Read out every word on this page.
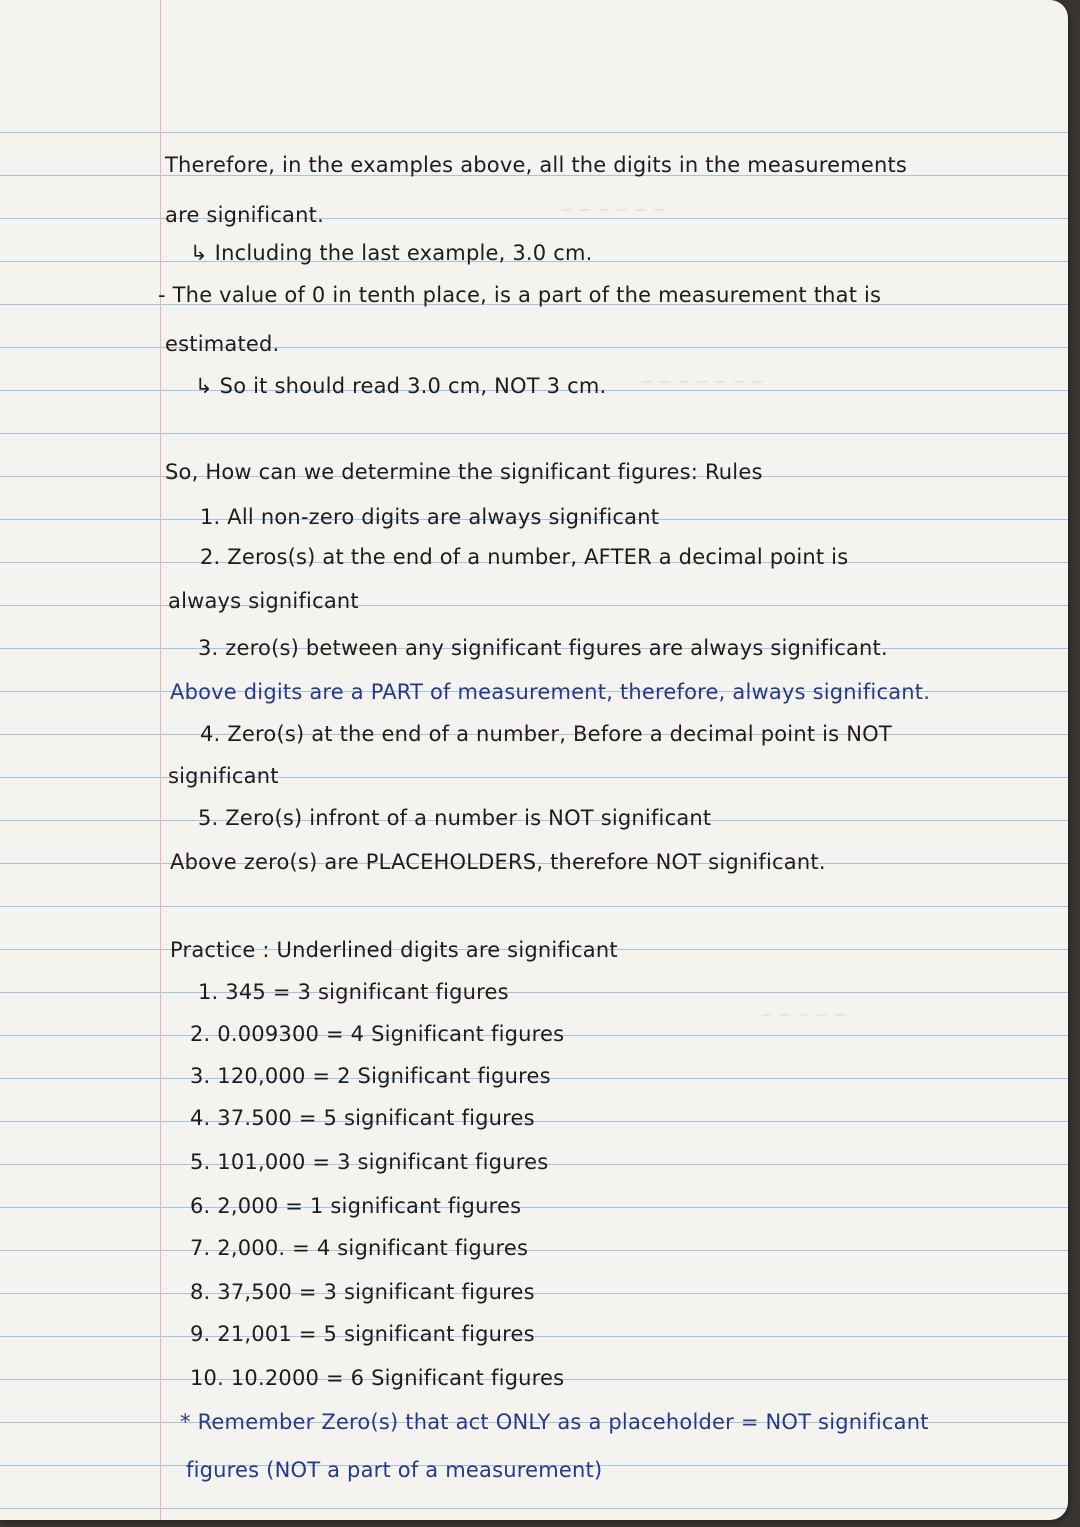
~ ~ ~ ~ ~ ~
~ ~ ~ ~ ~ ~ ~
~ ~ ~ ~ ~
Therefore, in the examples above, all the digits in the measurements
are significant.
↳ Including the last example, 3.0 cm.
- The value of 0 in tenth place, is a part of the measurement that is
estimated.
↳ So it should read 3.0 cm, NOT 3 cm.
So, How can we determine the significant figures: Rules
1. All non-zero digits are always significant
2. Zeros(s) at the end of a number, AFTER a decimal point is
always significant
3. zero(s) between any significant figures are always significant.
Above digits are a PART of measurement, therefore, always significant.
4. Zero(s) at the end of a number, Before a decimal point is NOT
significant
5. Zero(s) infront of a number is NOT significant
Above zero(s) are PLACEHOLDERS, therefore NOT significant.
Practice : Underlined digits are significant
1. 345 = 3 significant figures
2. 0.009300 = 4 Significant figures
3. 120,000 = 2 Significant figures
4. 37.500 = 5 significant figures
5. 101,000 = 3 significant figures
6. 2,000 = 1 significant figures
7. 2,000. = 4 significant figures
8. 37,500 = 3 significant figures
9. 21,001 = 5 significant figures
10. 10.2000 = 6 Significant figures
* Remember Zero(s) that act ONLY as a placeholder = NOT significant
figures (NOT a part of a measurement)
